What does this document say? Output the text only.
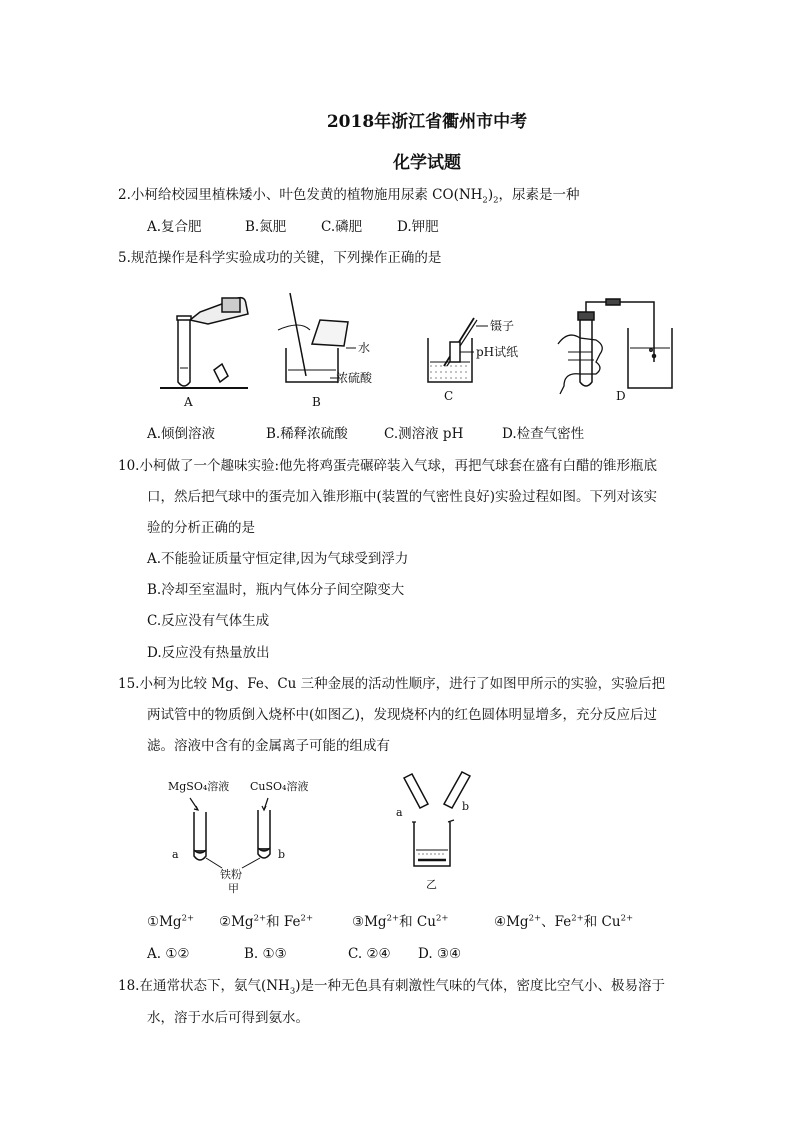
2018年浙江省衢州市中考
化学试题
2.小柯给校园里植株矮小、叶色发黄的植物施用尿素 $CO(NH_2)_2$，尿素是一种
A.复合肥	B.氮肥	C.磷肥	D.钾肥
5.规范操作是科学实验成功的关键，下列操作正确的是
A
水
浓硫酸
B
镊子
pH试纸
C	D
A.倾倒溶液	B.稀释浓硫酸	C.测溶液 pH	D.检查气密性
10.小柯做了一个趣味实验:他先将鸡蛋壳碾碎装入气球，再把气球套在盛有白醋的锥形瓶底
口，然后把气球中的蛋壳加入锥形瓶中(装置的气密性良好)实验过程如图。下列对该实
验的分析正确的是
A.不能验证质量守恒定律,因为气球受到浮力
B.冷却至室温时，瓶内气体分子间空隙变大
C.反应没有气体生成
D.反应没有热量放出
15.小柯为比较 Mg、Fe、Cu 三种金展的活动性顺序，进行了如图甲所示的实验，实验后把
两试管中的物质倒入烧杯中(如图乙)，发现烧杯内的红色圆体明显增多，充分反应后过
滤。溶液中含有的金属离子可能的组成有
MgSO₄溶液 CuSO₄溶液
a	b
铁粉
甲
a	b
乙
$①Mg^{2+}$ $②Mg^{2+}$和 $Fe^{2+}$	$③Mg^{2+}$和 $Cu^{2+}$	$④Mg^{2+}$、$Fe^{2+}$和 $Cu^{2+}$
A. ①②	B. ①③	C. ②④ D. ③④
18.在通常状态下，氨气$(NH_3)$是一种无色具有刺激性气味的气体，密度比空气小、极易溶于
水，溶于水后可得到氨水。
